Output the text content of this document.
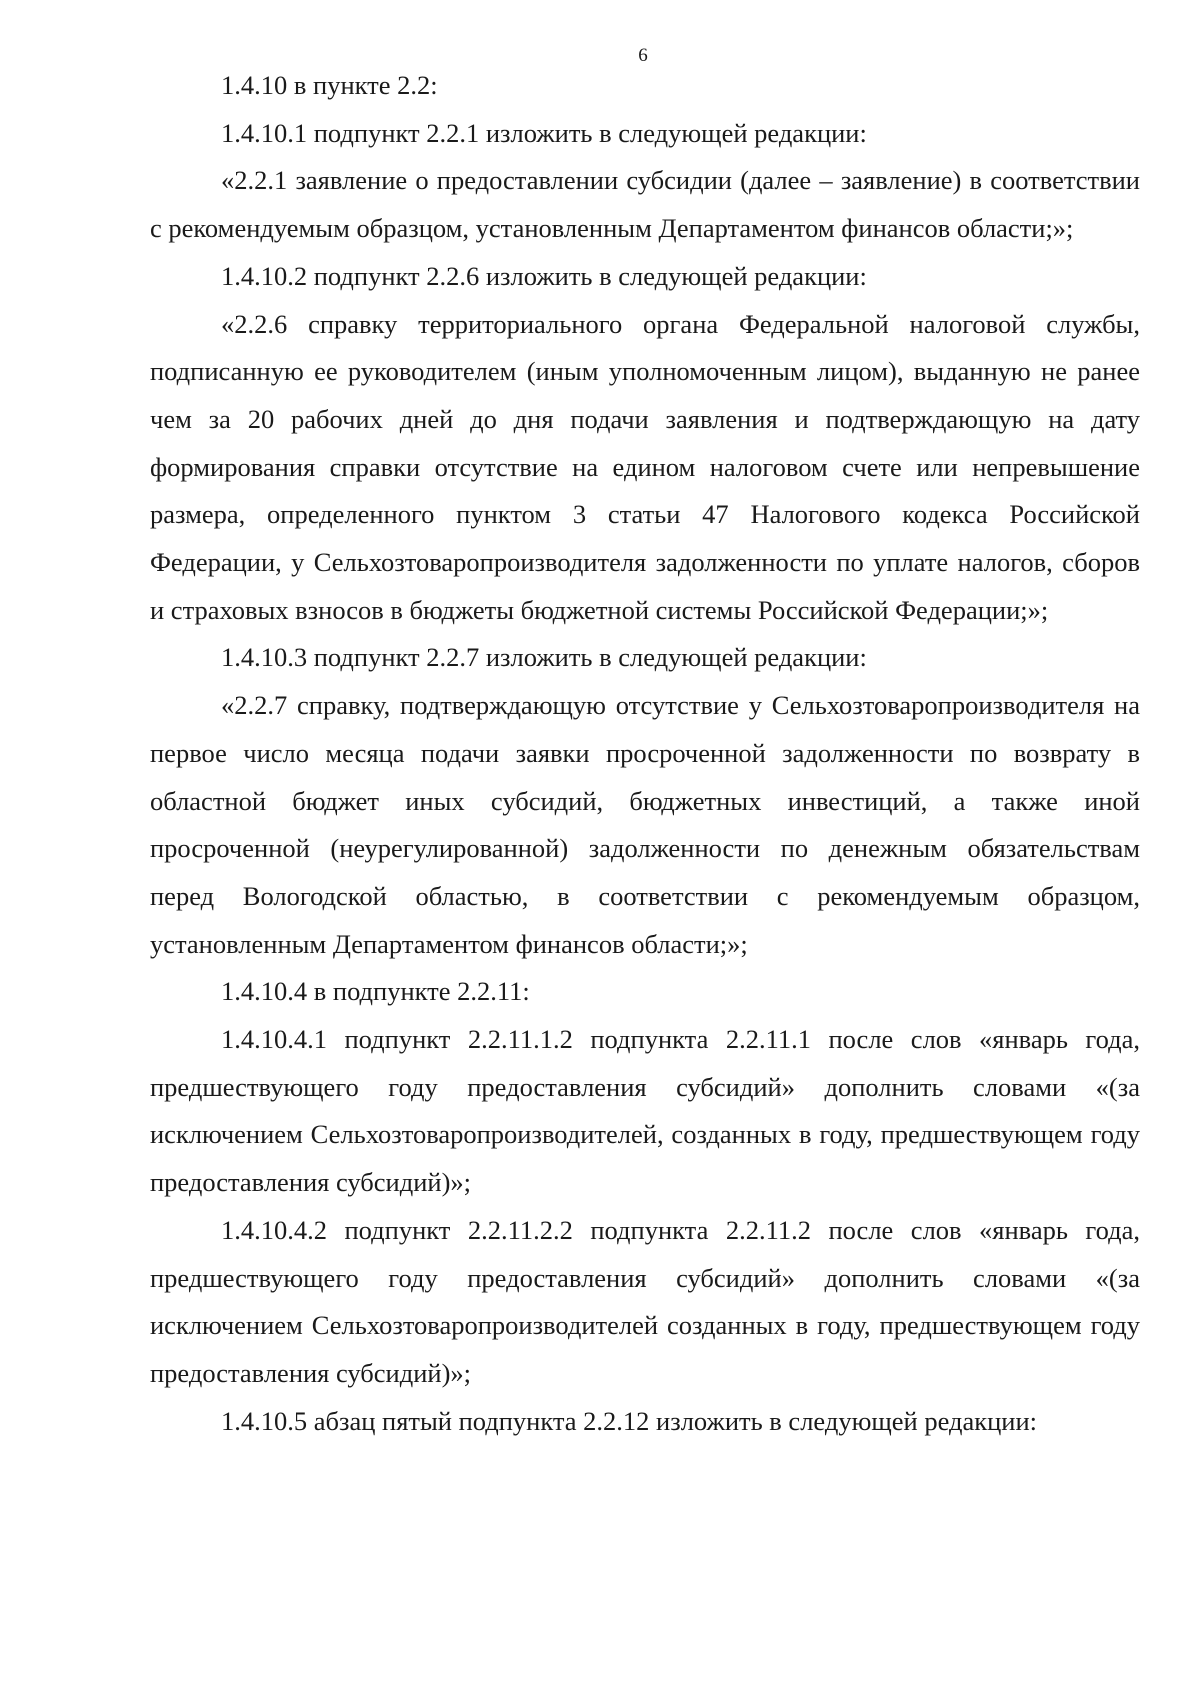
6

1.4.10 в пункте 2.2:

1.4.10.1 подпункт 2.2.1 изложить в следующей редакции:

«2.2.1 заявление о предоставлении субсидии (далее – заявление) в соответствии с рекомендуемым образцом, установленным Департаментом финансов области;»;

1.4.10.2 подпункт 2.2.6 изложить в следующей редакции:

«2.2.6 справку территориального органа Федеральной налоговой службы, подписанную ее руководителем (иным уполномоченным лицом), выданную не ранее чем за 20 рабочих дней до дня подачи заявления и подтверждающую на дату формирования справки отсутствие на едином налоговом счете или непревышение размера, определенного пунктом 3 статьи 47 Налогового кодекса Российской Федерации, у Сельхозтоваропроизводителя задолженности по уплате налогов, сборов и страховых взносов в бюджеты бюджетной системы Российской Федерации;»;

1.4.10.3 подпункт 2.2.7 изложить в следующей редакции:

«2.2.7 справку, подтверждающую отсутствие у Сельхозтоваропроизводителя на первое число месяца подачи заявки просроченной задолженности по возврату в областной бюджет иных субсидий, бюджетных инвестиций, а также иной просроченной (неурегулированной) задолженности по денежным обязательствам перед Вологодской областью, в соответствии с рекомендуемым образцом, установленным Департаментом финансов области;»;

1.4.10.4 в подпункте 2.2.11:

1.4.10.4.1 подпункт 2.2.11.1.2 подпункта 2.2.11.1 после слов «январь года, предшествующего году предоставления субсидий» дополнить словами «(за исключением Сельхозтоваропроизводителей, созданных в году, предшествующем году предоставления субсидий)»;

1.4.10.4.2 подпункт 2.2.11.2.2 подпункта 2.2.11.2 после слов «январь года, предшествующего году предоставления субсидий» дополнить словами «(за исключением Сельхозтоваропроизводителей созданных в году, предшествующем году предоставления субсидий)»;

1.4.10.5 абзац пятый подпункта 2.2.12 изложить в следующей редакции:
